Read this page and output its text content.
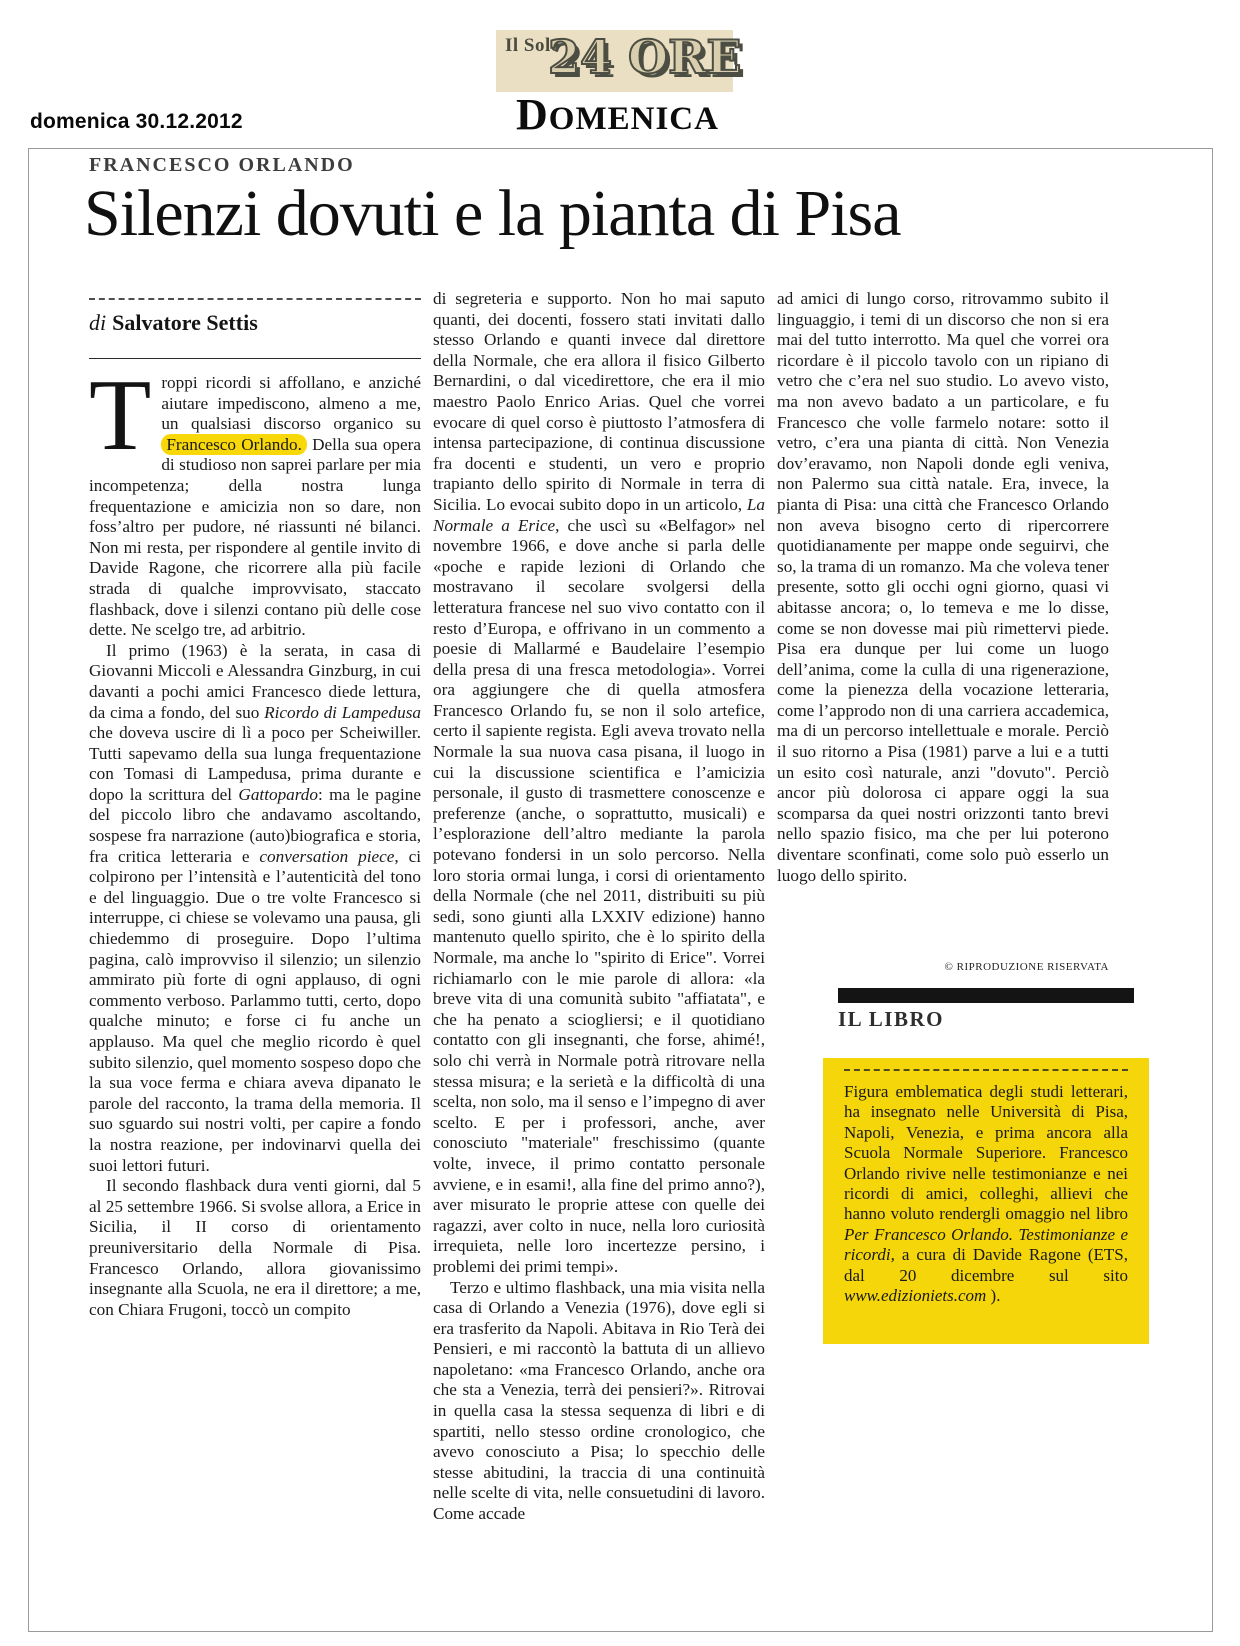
domenica 30.12.2012
Il Sole
24 ORE
DOMENICA
FRANCESCO ORLANDO
Silenzi dovuti e la pianta di Pisa
di Salvatore Settis

Troppi ricordi si affollano, e anziché aiutare impediscono, almeno a me, un qualsiasi discorso organico su Francesco Orlando. Della sua opera di studioso non saprei parlare per mia incompetenza; della nostra lunga frequentazione e amicizia non so dare, non foss’altro per pudore, né riassunti né bilanci. Non mi resta, per rispondere al gentile invito di Davide Ragone, che ricorrere alla più facile strada di qualche improvvisato, staccato flashback, dove i silenzi contano più delle cose dette. Ne scelgo tre, ad arbitrio.

Il primo (1963) è la serata, in casa di Giovanni Miccoli e Alessandra Ginzburg, in cui davanti a pochi amici Francesco diede lettura, da cima a fondo, del suo Ricordo di Lampedusa che doveva uscire di lì a poco per Scheiwiller. Tutti sapevamo della sua lunga frequentazione con Tomasi di Lampedusa, prima durante e dopo la scrittura del Gattopardo: ma le pagine del piccolo libro che andavamo ascoltando, sospese fra narrazione (auto)biografica e storia, fra critica letteraria e conversation piece, ci colpirono per l’intensità e l’autenticità del tono e del linguaggio. Due o tre volte Francesco si interruppe, ci chiese se volevamo una pausa, gli chiedemmo di proseguire. Dopo l’ultima pagina, calò improvviso il silenzio; un silenzio ammirato più forte di ogni applauso, di ogni commento verboso. Parlammo tutti, certo, dopo qualche minuto; e forse ci fu anche un applauso. Ma quel che meglio ricordo è quel subito silenzio, quel momento sospeso dopo che la sua voce ferma e chiara aveva dipanato le parole del racconto, la trama della memoria. Il suo sguardo sui nostri volti, per capire a fondo la nostra reazione, per indovinarvi quella dei suoi lettori futuri.

Il secondo flashback dura venti giorni, dal 5 al 25 settembre 1966. Si svolse allora, a Erice in Sicilia, il II corso di orientamento preuniversitario della Normale di Pisa. Francesco Orlando, allora giovanissimo insegnante alla Scuola, ne era il direttore; a me, con Chiara Frugoni, toccò un compito

di segreteria e supporto. Non ho mai saputo quanti, dei docenti, fossero stati invitati dallo stesso Orlando e quanti invece dal direttore della Normale, che era allora il fisico Gilberto Bernardini, o dal vicedirettore, che era il mio maestro Paolo Enrico Arias. Quel che vorrei evocare di quel corso è piuttosto l’atmosfera di intensa partecipazione, di continua discussione fra docenti e studenti, un vero e proprio trapianto dello spirito di Normale in terra di Sicilia. Lo evocai subito dopo in un articolo, La Normale a Erice, che uscì su «Belfagor» nel novembre 1966, e dove anche si parla delle «poche e rapide lezioni di Orlando che mostravano il secolare svolgersi della letteratura francese nel suo vivo contatto con il resto d’Europa, e offrivano in un commento a poesie di Mallarmé e Baudelaire l’esempio della presa di una fresca metodologia». Vorrei ora aggiungere che di quella atmosfera Francesco Orlando fu, se non il solo artefice, certo il sapiente regista. Egli aveva trovato nella Normale la sua nuova casa pisana, il luogo in cui la discussione scientifica e l’amicizia personale, il gusto di trasmettere conoscenze e preferenze (anche, o soprattutto, musicali) e l’esplorazione dell’altro mediante la parola potevano fondersi in un solo percorso. Nella loro storia ormai lunga, i corsi di orientamento della Normale (che nel 2011, distribuiti su più sedi, sono giunti alla LXXIV edizione) hanno mantenuto quello spirito, che è lo spirito della Normale, ma anche lo "spirito di Erice". Vorrei richiamarlo con le mie parole di allora: «la breve vita di una comunità subito "affiatata", e che ha penato a sciogliersi; e il quotidiano contatto con gli insegnanti, che forse, ahimé!, solo chi verrà in Normale potrà ritrovare nella stessa misura; e la serietà e la difficoltà di una scelta, non solo, ma il senso e l’impegno di aver scelto. E per i professori, anche, aver conosciuto "materiale" freschissimo (quante volte, invece, il primo contatto personale avviene, e in esami!, alla fine del primo anno?), aver misurato le proprie attese con quelle dei ragazzi, aver colto in nuce, nella loro curiosità irrequieta, nelle loro incertezze persino, i problemi dei primi tempi».

Terzo e ultimo flashback, una mia visita nella casa di Orlando a Venezia (1976), dove egli si era trasferito da Napoli. Abitava in Rio Terà dei Pensieri, e mi raccontò la battuta di un allievo napoletano: «ma Francesco Orlando, anche ora che sta a Venezia, terrà dei pensieri?». Ritrovai in quella casa la stessa sequenza di libri e di spartiti, nello stesso ordine cronologico, che avevo conosciuto a Pisa; lo specchio delle stesse abitudini, la traccia di una continuità nelle scelte di vita, nelle consuetudini di lavoro. Come accade

ad amici di lungo corso, ritrovammo subito il linguaggio, i temi di un discorso che non si era mai del tutto interrotto. Ma quel che vorrei ora ricordare è il piccolo tavolo con un ripiano di vetro che c’era nel suo studio. Lo avevo visto, ma non avevo badato a un particolare, e fu Francesco che volle farmelo notare: sotto il vetro, c’era una pianta di città. Non Venezia dov’eravamo, non Napoli donde egli veniva, non Palermo sua città natale. Era, invece, la pianta di Pisa: una città che Francesco Orlando non aveva bisogno certo di ripercorrere quotidianamente per mappe onde seguirvi, che so, la trama di un romanzo. Ma che voleva tener presente, sotto gli occhi ogni giorno, quasi vi abitasse ancora; o, lo temeva e me lo disse, come se non dovesse mai più rimettervi piede. Pisa era dunque per lui come un luogo dell’anima, come la culla di una rigenerazione, come la pienezza della vocazione letteraria, come l’approdo non di una carriera accademica, ma di un percorso intellettuale e morale. Perciò il suo ritorno a Pisa (1981) parve a lui e a tutti un esito così naturale, anzi "dovuto". Perciò ancor più dolorosa ci appare oggi la sua scomparsa da quei nostri orizzonti tanto brevi nello spazio fisico, ma che per lui poterono diventare sconfinati, come solo può esserlo un luogo dello spirito.

© RIPRODUZIONE RISERVATA
IL LIBRO
Figura emblematica degli studi letterari, ha insegnato nelle Università di Pisa, Napoli, Venezia, e prima ancora alla Scuola Normale Superiore. Francesco Orlando rivive nelle testimonianze e nei ricordi di amici, colleghi, allievi che hanno voluto rendergli omaggio nel libro Per Francesco Orlando. Testimonianze e ricordi, a cura di Davide Ragone (ETS, dal 20 dicembre sul sito www.edizioniets.com ).
